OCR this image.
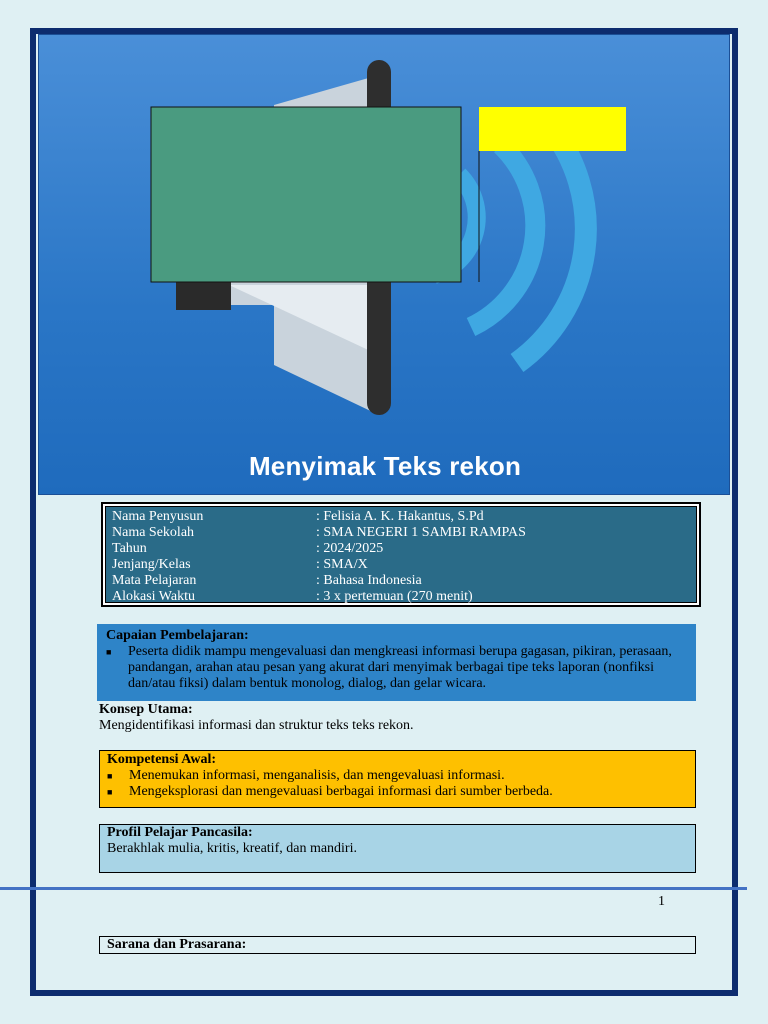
Menyimak Teks rekon
Nama Penyusun	: Felisia A. K. Hakantus, S.Pd
Nama Sekolah	: SMA NEGERI 1 SAMBI RAMPAS
Tahun	: 2024/2025
Jenjang/Kelas	: SMA/X
Mata Pelajaran	: Bahasa Indonesia
Alokasi Waktu	: 3 x pertemuan (270 menit)
Capaian Pembelajaran:
■	Peserta didik mampu mengevaluasi dan mengkreasi informasi berupa gagasan, pikiran, perasaan, pandangan, arahan atau pesan yang akurat dari menyimak berbagai tipe teks laporan (nonfiksi dan/atau fiksi) dalam bentuk monolog, dialog, dan gelar wicara.
Konsep Utama:
Mengidentifikasi informasi dan struktur teks teks rekon.
Kompetensi Awal:
■	Menemukan informasi, menganalisis, dan mengevaluasi informasi.
■	Mengeksplorasi dan mengevaluasi berbagai informasi dari sumber berbeda.
Profil Pelajar Pancasila:
Berakhlak mulia, kritis, kreatif, dan mandiri.
1
Sarana dan Prasarana:
